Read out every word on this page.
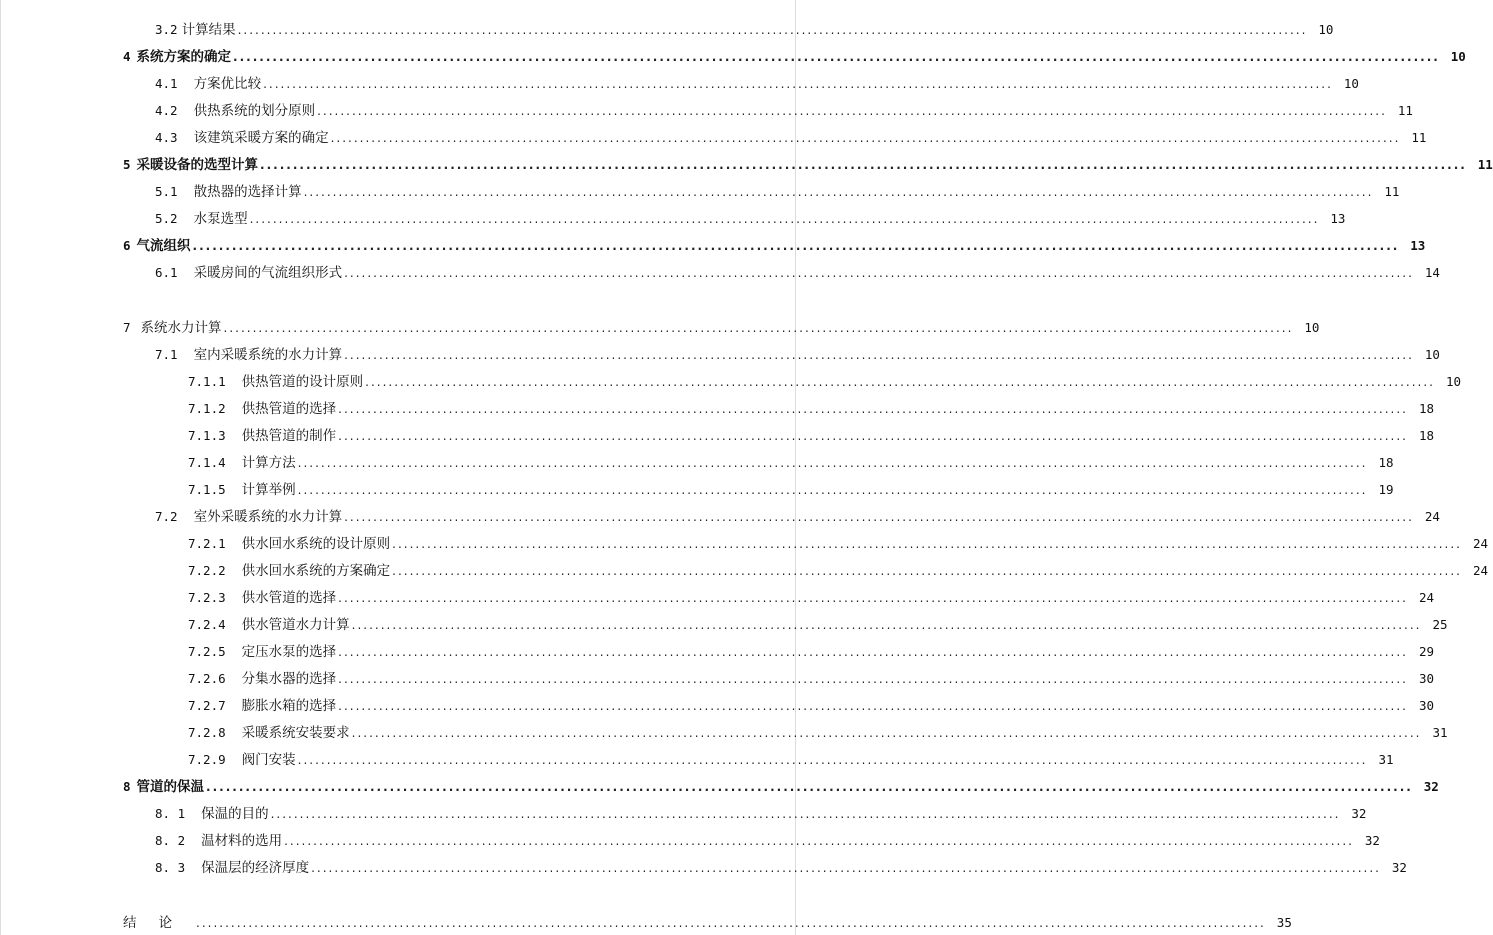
3.2 计算结果 ........................................................................................................................................................................................ 10
4 系统方案的确定 ........................................................................................................................................................................................ 10
4.1 方案优比较 ........................................................................................................................................................................................ 10
4.2 供热系统的划分原则 ........................................................................................................................................................................................ 11
4.3 该建筑采暖方案的确定 ........................................................................................................................................................................................ 11
5 采暖设备的选型计算 ........................................................................................................................................................................................ 11
5.1 散热器的选择计算 ........................................................................................................................................................................................ 11
5.2 水泵选型 ........................................................................................................................................................................................ 13
6 气流组织 ........................................................................................................................................................................................ 13
6.1 采暖房间的气流组织形式 ........................................................................................................................................................................................ 14
7 系统水力计算 ........................................................................................................................................................................................ 10
7.1 室内采暖系统的水力计算 ........................................................................................................................................................................................ 10
7.1.1 供热管道的设计原则 ........................................................................................................................................................................................ 10
7.1.2 供热管道的选择 ........................................................................................................................................................................................ 18
7.1.3 供热管道的制作 ........................................................................................................................................................................................ 18
7.1.4 计算方法 ........................................................................................................................................................................................ 18
7.1.5 计算举例 ........................................................................................................................................................................................ 19
7.2 室外采暖系统的水力计算 ........................................................................................................................................................................................ 24
7.2.1 供水回水系统的设计原则 ........................................................................................................................................................................................ 24
7.2.2 供水回水系统的方案确定 ........................................................................................................................................................................................ 24
7.2.3 供水管道的选择 ........................................................................................................................................................................................ 24
7.2.4 供水管道水力计算 ........................................................................................................................................................................................ 25
7.2.5 定压水泵的选择 ........................................................................................................................................................................................ 29
7.2.6 分集水器的选择 ........................................................................................................................................................................................ 30
7.2.7 膨胀水箱的选择 ........................................................................................................................................................................................ 30
7.2.8 采暖系统安装要求 ........................................................................................................................................................................................ 31
7.2.9 阀门安装 ........................................................................................................................................................................................ 31
8 管道的保温 ........................................................................................................................................................................................ 32
8. 1 保温的目的 ........................................................................................................................................................................................ 32
8. 2 温材料的选用 ........................................................................................................................................................................................ 32
8. 3 保温层的经济厚度 ........................................................................................................................................................................................ 32
结论 ........................................................................................................................................................................................ 35
